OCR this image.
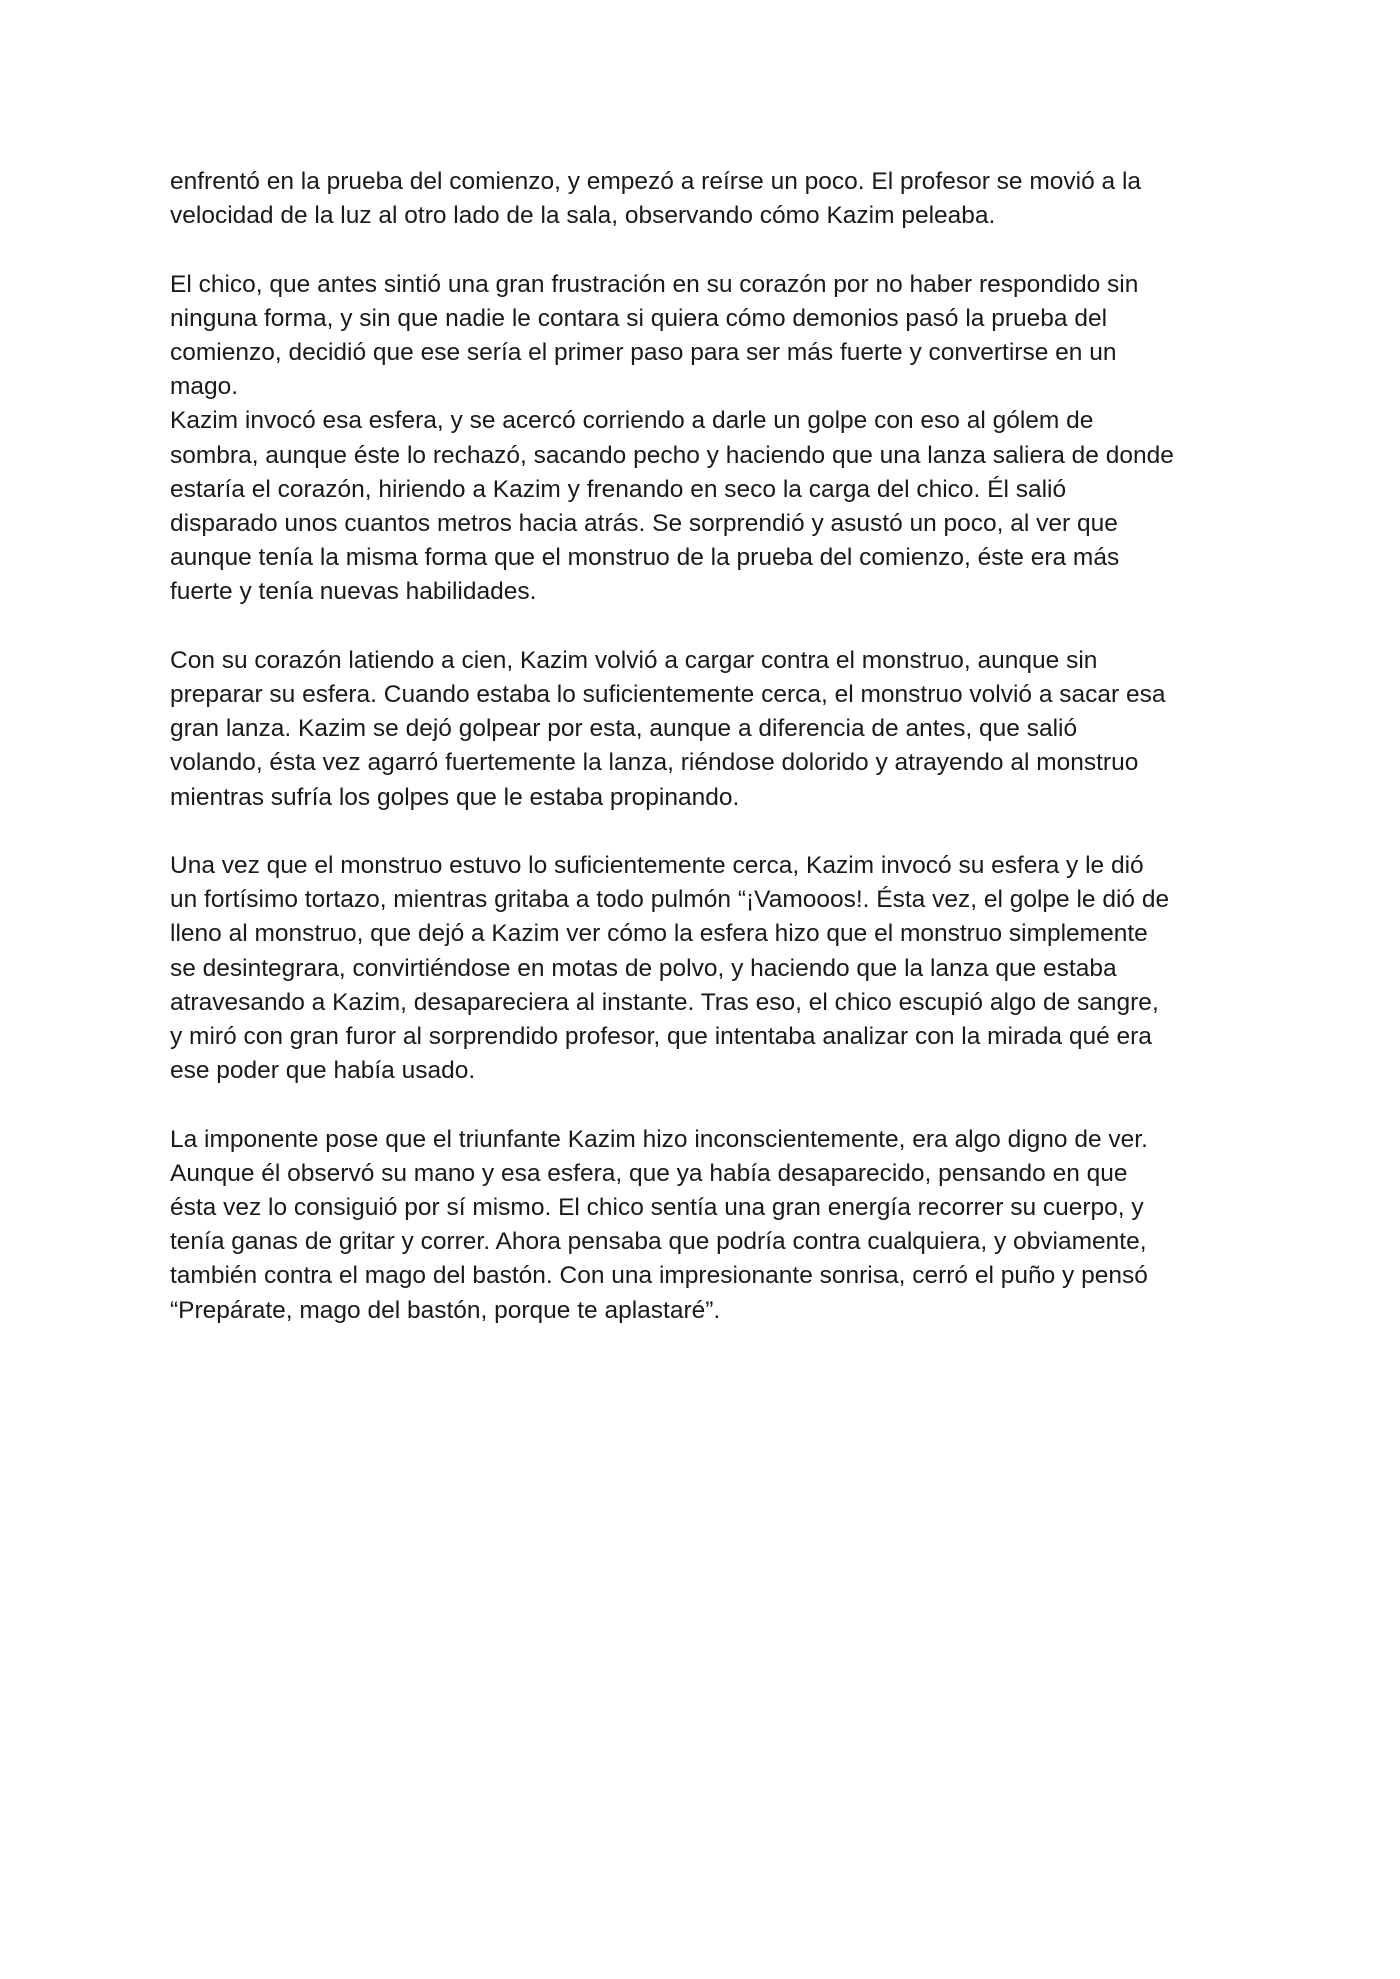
enfrentó en la prueba del comienzo, y empezó a reírse un poco. El profesor se movió a la
velocidad de la luz al otro lado de la sala, observando cómo Kazim peleaba.

El chico, que antes sintió una gran frustración en su corazón por no haber respondido sin
ninguna forma, y sin que nadie le contara si quiera cómo demonios pasó la prueba del
comienzo, decidió que ese sería el primer paso para ser más fuerte y convertirse en un
mago.

Kazim invocó esa esfera, y se acercó corriendo a darle un golpe con eso al gólem de
sombra, aunque éste lo rechazó, sacando pecho y haciendo que una lanza saliera de donde
estaría el corazón, hiriendo a Kazim y frenando en seco la carga del chico. Él salió
disparado unos cuantos metros hacia atrás. Se sorprendió y asustó un poco, al ver que
aunque tenía la misma forma que el monstruo de la prueba del comienzo, éste era más
fuerte y tenía nuevas habilidades.

Con su corazón latiendo a cien, Kazim volvió a cargar contra el monstruo, aunque sin
preparar su esfera. Cuando estaba lo suficientemente cerca, el monstruo volvió a sacar esa
gran lanza. Kazim se dejó golpear por esta, aunque a diferencia de antes, que salió
volando, ésta vez agarró fuertemente la lanza, riéndose dolorido y atrayendo al monstruo
mientras sufría los golpes que le estaba propinando.

Una vez que el monstruo estuvo lo suficientemente cerca, Kazim invocó su esfera y le dió
un fortísimo tortazo, mientras gritaba a todo pulmón “¡Vamooos!. Ésta vez, el golpe le dió de
lleno al monstruo, que dejó a Kazim ver cómo la esfera hizo que el monstruo simplemente
se desintegrara, convirtiéndose en motas de polvo, y haciendo que la lanza que estaba
atravesando a Kazim, desapareciera al instante. Tras eso, el chico escupió algo de sangre,
y miró con gran furor al sorprendido profesor, que intentaba analizar con la mirada qué era
ese poder que había usado.

La imponente pose que el triunfante Kazim hizo inconscientemente, era algo digno de ver.
Aunque él observó su mano y esa esfera, que ya había desaparecido, pensando en que
ésta vez lo consiguió por sí mismo. El chico sentía una gran energía recorrer su cuerpo, y
tenía ganas de gritar y correr. Ahora pensaba que podría contra cualquiera, y obviamente,
también contra el mago del bastón. Con una impresionante sonrisa, cerró el puño y pensó
“Prepárate, mago del bastón, porque te aplastaré”.
